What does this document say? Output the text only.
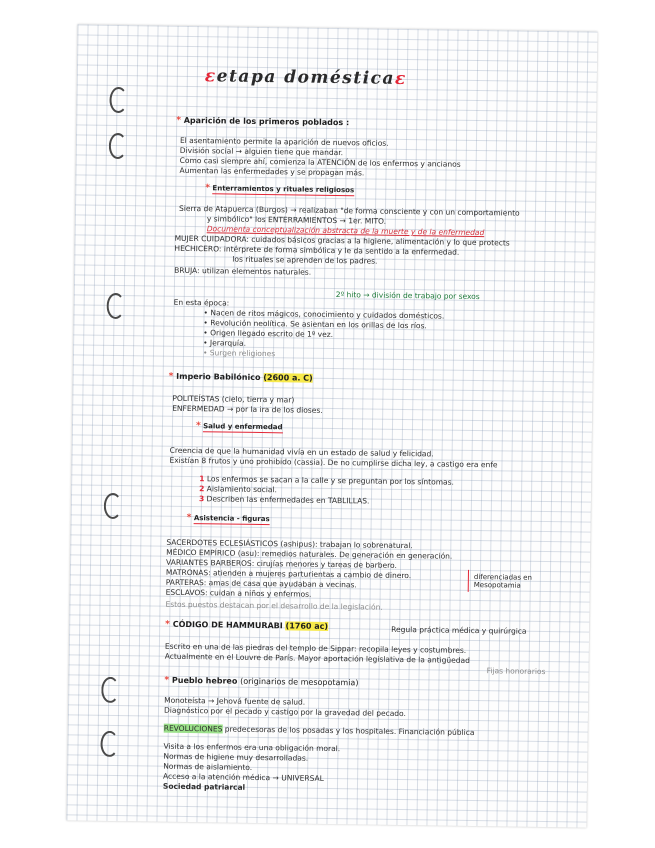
εetapa domésticaε
* Aparición de los primeros poblados :
El asentamiento permite la aparición de nuevos oficios.
División social → alguien tiene que mandar.
Como casi siempre ahí, comienza la ATENCIÓN de los enfermos y ancianos
Aumentan las enfermedades y se propagan más.
* Enterramientos y rituales religiosos
Sierra de Atapuerca (Burgos) → realizaban "de forma consciente y con un comportamiento
y simbólico" los ENTERRAMIENTOS → 1er. MITO.
Documenta conceptualización abstracta de la muerte y de la enfermedad
MUJER CUIDADORA: cuidados básicos gracias a la higiene, alimentación y lo que protects
HECHICERO: intérprete de forma simbólica y le da sentido a la enfermedad.
los rituales se aprenden de los padres.
BRUJA: utilizan elementos naturales.
2º hito → división de trabajo por sexos
En esta época:
• Nacen de ritos mágicos, conocimiento y cuidados domésticos.
• Revolución neolítica. Se asientan en los orillas de los ríos.
• Origen llegado escrito de 1º vez.
• Jerarquía.
• Surgen religiones
* Imperio Babilónico (2600 a. C)
POLITEÍSTAS (cielo, tierra y mar)
ENFERMEDAD → por la ira de los dioses.
* Salud y enfermedad
Creencia de que la humanidad vivía en un estado de salud y felicidad.
Existían 8 frutos y uno prohibido (cassia). De no cumplirse dicha ley, a castigo era enfe
1 Los enfermos se sacan a la calle y se preguntan por los síntomas.
2 Aislamiento social.
3 Describen las enfermedades en TABLILLAS.
* Asistencia - figuras
SACERDOTES ECLESIÁSTICOS (ashipus): trabajan lo sobrenatural.
MÉDICO EMPÍRICO (asu): remedios naturales. De generación en generación.
VARIANTES BARBEROS: cirujías menores y tareas de barbero.
MATRONAS: atienden a mujeres parturientas a cambio de dinero.
PARTERAS: amas de casa que ayudaban a vecinas.
ESCLAVOS: cuidan a niños y enfermos.
Estos puestos destacan por el desarrollo de la legislación.
diferenciadas en Mesopotamia
* CÓDIGO DE HAMMURABI (1760 ac)	Regula práctica médica y quirúrgica
Escrito en una de las piedras del templo de Sippar: recopila leyes y costumbres.
Actualmente en el Louvre de París. Mayor aportación legislativa de la antigüedad
Fijas honorarios
* Pueblo hebreo (originarios de mesopotamia)
Monoteísta → Jehová fuente de salud.
Diagnóstico por el pecado y castigo por la gravedad del pecado.
REVOLUCIONES predecesoras de los posadas y los hospitales. Financiación pública
Visita a los enfermos era una obligación moral.
Normas de higiene muy desarrolladas.
Normas de aislamiento.
Acceso a la atención médica → UNIVERSAL
Sociedad patriarcal
